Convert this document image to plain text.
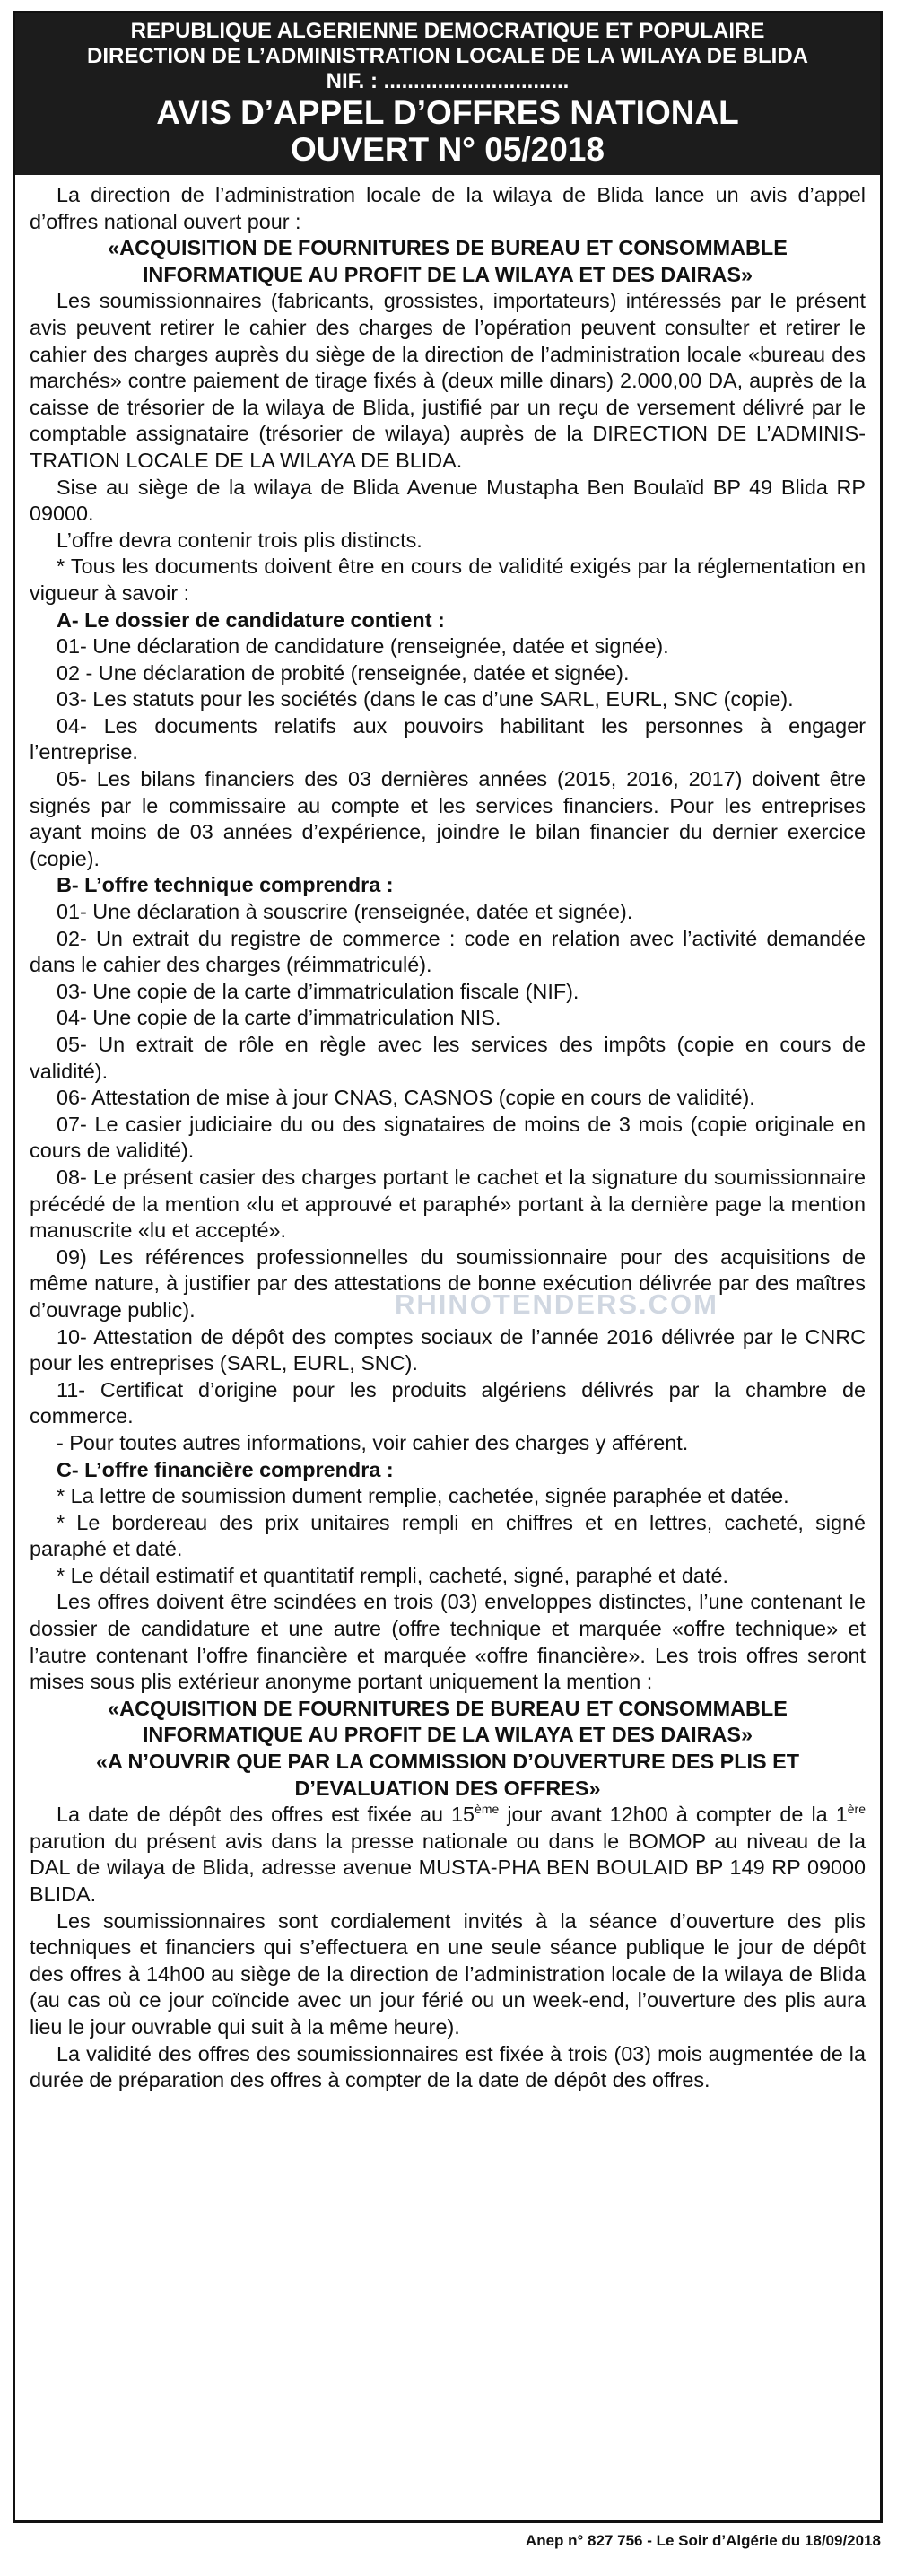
REPUBLIQUE ALGERIENNE DEMOCRATIQUE ET POPULAIRE
DIRECTION DE L’ADMINISTRATION LOCALE DE LA WILAYA DE BLIDA
NIF. : ...............................
AVIS D’APPEL D’OFFRES NATIONAL
OUVERT N° 05/2018

La direction de l’administration locale de la wilaya de Blida lance un avis d’appel d’offres national ouvert pour :

«ACQUISITION DE FOURNITURES DE BUREAU ET CONSOMMABLE INFORMATIQUE AU PROFIT DE LA WILAYA ET DES DAIRAS»

Les soumissionnaires (fabricants, grossistes, importateurs) intéressés par le présent avis peuvent retirer le cahier des charges de l’opération peuvent consulter et retirer le cahier des charges auprès du siège de la direction de l’administration locale «bureau des marchés» contre paiement de tirage fixés à (deux mille dinars) 2.000,00 DA, auprès de la caisse de trésorier de la wilaya de Blida, justifié par un reçu de versement délivré par le comptable assignataire (trésorier de wilaya) auprès de la DIRECTION DE L’ADMINIS-TRATION LOCALE DE LA WILAYA DE BLIDA.

Sise au siège de la wilaya de Blida Avenue Mustapha Ben Boulaïd BP 49 Blida RP 09000.

L’offre devra contenir trois plis distincts.

* Tous les documents doivent être en cours de validité exigés par la réglementation en vigueur à savoir :

A- Le dossier de candidature contient :

01- Une déclaration de candidature (renseignée, datée et signée).

02 - Une déclaration de probité (renseignée, datée et signée).

03- Les statuts pour les sociétés (dans le cas d’une SARL, EURL, SNC (copie).

04- Les documents relatifs aux pouvoirs habilitant les personnes à engager l’entreprise.

05- Les bilans financiers des 03 dernières années (2015, 2016, 2017) doivent être signés par le commissaire au compte et les services financiers. Pour les entreprises ayant moins de 03 années d’expérience, joindre le bilan financier du dernier exercice (copie).

B- L’offre technique comprendra :

01- Une déclaration à souscrire (renseignée, datée et signée).

02- Un extrait du registre de commerce : code en relation avec l’activité demandée dans le cahier des charges (réimmatriculé).

03- Une copie de la carte d’immatriculation fiscale (NIF).

04- Une copie de la carte d’immatriculation NIS.

05- Un extrait de rôle en règle avec les services des impôts (copie en cours de validité).

06- Attestation de mise à jour CNAS, CASNOS (copie en cours de validité).

07- Le casier judiciaire du ou des signataires de moins de 3 mois (copie originale en cours de validité).

08- Le présent casier des charges portant le cachet et la signature du soumissionnaire précédé de la mention «lu et approuvé et paraphé» portant à la dernière page la mention manuscrite «lu et accepté».

09) Les références professionnelles du soumissionnaire pour des acquisitions de même nature, à justifier par des attestations de bonne exécution délivrée par des maîtres d’ouvrage public).

10- Attestation de dépôt des comptes sociaux de l’année 2016 délivrée par le CNRC pour les entreprises (SARL, EURL, SNC).

11- Certificat d’origine pour les produits algériens délivrés par la chambre de commerce.

- Pour toutes autres informations, voir cahier des charges y afférent.

C- L’offre financière comprendra :

* La lettre de soumission dument remplie, cachetée, signée paraphée et datée.

* Le bordereau des prix unitaires rempli en chiffres et en lettres, cacheté, signé paraphé et daté.

* Le détail estimatif et quantitatif rempli, cacheté, signé, paraphé et daté.

Les offres doivent être scindées en trois (03) enveloppes distinctes, l’une contenant le dossier de candidature et une autre (offre technique et marquée «offre technique» et l’autre contenant l’offre financière et marquée «offre financière». Les trois offres seront mises sous plis extérieur anonyme portant uniquement la mention :

«ACQUISITION DE FOURNITURES DE BUREAU ET CONSOMMABLE INFORMATIQUE AU PROFIT DE LA WILAYA ET DES DAIRAS»

«A N’OUVRIR QUE PAR LA COMMISSION D’OUVERTURE DES PLIS ET D’EVALUATION DES OFFRES»

La date de dépôt des offres est fixée au 15ème jour avant 12h00 à compter de la 1ère parution du présent avis dans la presse nationale ou dans le BOMOP au niveau de la DAL de wilaya de Blida, adresse avenue MUSTA-PHA BEN BOULAID BP 149 RP 09000 BLIDA.

Les soumissionnaires sont cordialement invités à la séance d’ouverture des plis techniques et financiers qui s’effectuera en une seule séance publique le jour de dépôt des offres à 14h00 au siège de la direction de l’administration locale de la wilaya de Blida (au cas où ce jour coïncide avec un jour férié ou un week-end, l’ouverture des plis aura lieu le jour ouvrable qui suit à la même heure).

La validité des offres des soumissionnaires est fixée à trois (03) mois augmentée de la durée de préparation des offres à compter de la date de dépôt des offres.

RHINOTENDERS.COM
Anep n° 827 756 - Le Soir d’Algérie du 18/09/2018
